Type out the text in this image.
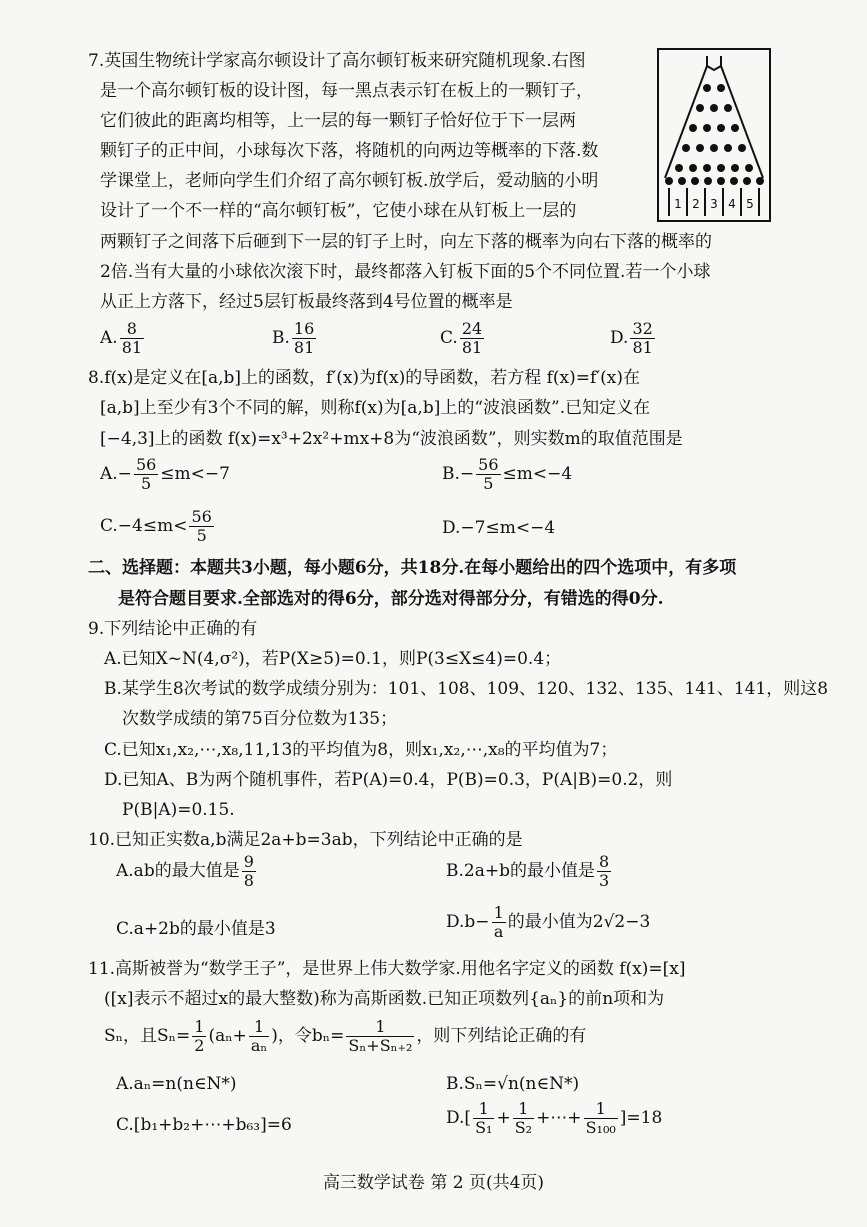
7.英国生物统计学家高尔顿设计了高尔顿钉板来研究随机现象.右图
是一个高尔顿钉板的设计图，每一黑点表示钉在板上的一颗钉子，
它们彼此的距离均相等，上一层的每一颗钉子恰好位于下一层两
颗钉子的正中间，小球每次下落，将随机的向两边等概率的下落.数
学课堂上，老师向学生们介绍了高尔顿钉板.放学后，爱动脑的小明
设计了一个不一样的“高尔顿钉板”，它使小球在从钉板上一层的
两颗钉子之间落下后砸到下一层的钉子上时，向左下落的概率为向右下落的概率的
2倍.当有大量的小球依次滚下时，最终都落入钉板下面的5个不同位置.若一个小球
从正上方落下，经过5层钉板最终落到4号位置的概率是
1 2 3 4 5
A. $\frac{8}{81}$	B. $\frac{16}{81}$	C. $\frac{24}{81}$	D. $\frac{32}{81}$
8.f(x)是定义在[a,b]上的函数，f′(x)为f(x)的导函数，若方程 f(x)=f′(x)在
[a,b]上至少有3个不同的解，则称f(x)为[a,b]上的“波浪函数”.已知定义在
[−4,3]上的函数 f(x)=x³+2x²+mx+8为“波浪函数”，则实数m的取值范围是
$A.- \frac{56}{5} \le m<-7$	$B.- \frac{56}{5} \le m<-4$
$C.-4\le m< \frac{56}{5}$	D.−7≤m<−4
二、选择题：本题共3小题，每小题6分，共18分.在每小题给出的四个选项中，有多项
是符合题目要求.全部选对的得6分，部分选对得部分分，有错选的得0分.
9.下列结论中正确的有
A.已知X~N(4,σ²)，若P(X≥5)=0.1，则P(3≤X≤4)=0.4；
B.某学生8次考试的数学成绩分别为：101、108、109、120、132、135、141、141，则这8
次数学成绩的第75百分位数为135；
C.已知x₁,x₂,⋯,x₈,11,13的平均值为8，则x₁,x₂,⋯,x₈的平均值为7；
D.已知A、B为两个随机事件，若P(A)=0.4，P(B)=0.3，P(A|B)=0.2，则
P(B|A)=0.15.
10.已知正实数a,b满足2a+b=3ab，下列结论中正确的是
A.ab的最大值是 $\frac{9}{8}$	B.2a+b的最小值是 $\frac{8}{3}$
C.a+2b的最小值是3	$D.b- \frac{1}{a}$ 的最小值为2√2−3
11.高斯被誉为“数学王子”，是世界上伟大数学家.用他名字定义的函数 f(x)=[x]
([x]表示不超过x的最大整数)称为高斯函数.已知正项数列{aₙ}的前n项和为
Sₙ，且$S_n= \frac{1}{2} (a_n+ \frac{1}{\text{aₙ}}$ )，令$b_n= \frac{1}{\text{Sₙ+Sₙ₊₂}}$ ，则下列结论正确的有
A.aₙ=n(n∈N*)	B.Sₙ=√n(n∈N*)
C.[b₁+b₂+⋯+b₆₃]=6	$D.[ \frac{1}{\text{S₁}} + \frac{1}{\text{S₂}}$ +⋯+ $\frac{1}{\text{S₁₀₀}} ]=18$
高三数学试卷 第 2 页(共4页)
